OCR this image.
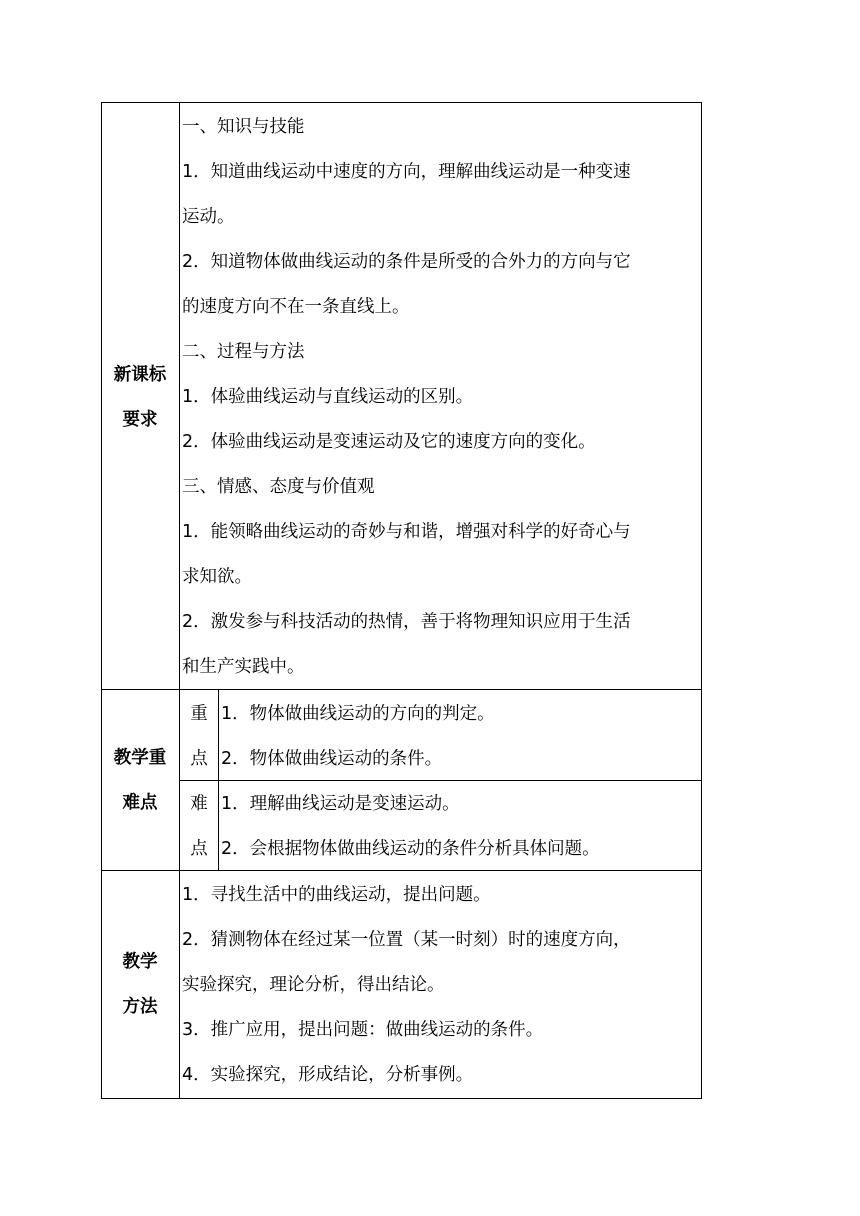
新课标
要求
一、知识与技能
1．知道曲线运动中速度的方向，理解曲线运动是一种变速
运动。
2．知道物体做曲线运动的条件是所受的合外力的方向与它
的速度方向不在一条直线上。
二、过程与方法
1．体验曲线运动与直线运动的区别。
2．体验曲线运动是变速运动及它的速度方向的变化。
三、情感、态度与价值观
1．能领略曲线运动的奇妙与和谐，增强对科学的好奇心与
求知欲。
2．激发参与科技活动的热情，善于将物理知识应用于生活
和生产实践中。
教学重
难点
重
点
1．物体做曲线运动的方向的判定。
2．物体做曲线运动的条件。
难
点
1．理解曲线运动是变速运动。
2．会根据物体做曲线运动的条件分析具体问题。
教学
方法
1．寻找生活中的曲线运动，提出问题。
2．猜测物体在经过某一位置（某一时刻）时的速度方向，
实验探究，理论分析，得出结论。
3．推广应用，提出问题：做曲线运动的条件。
4．实验探究，形成结论，分析事例。
